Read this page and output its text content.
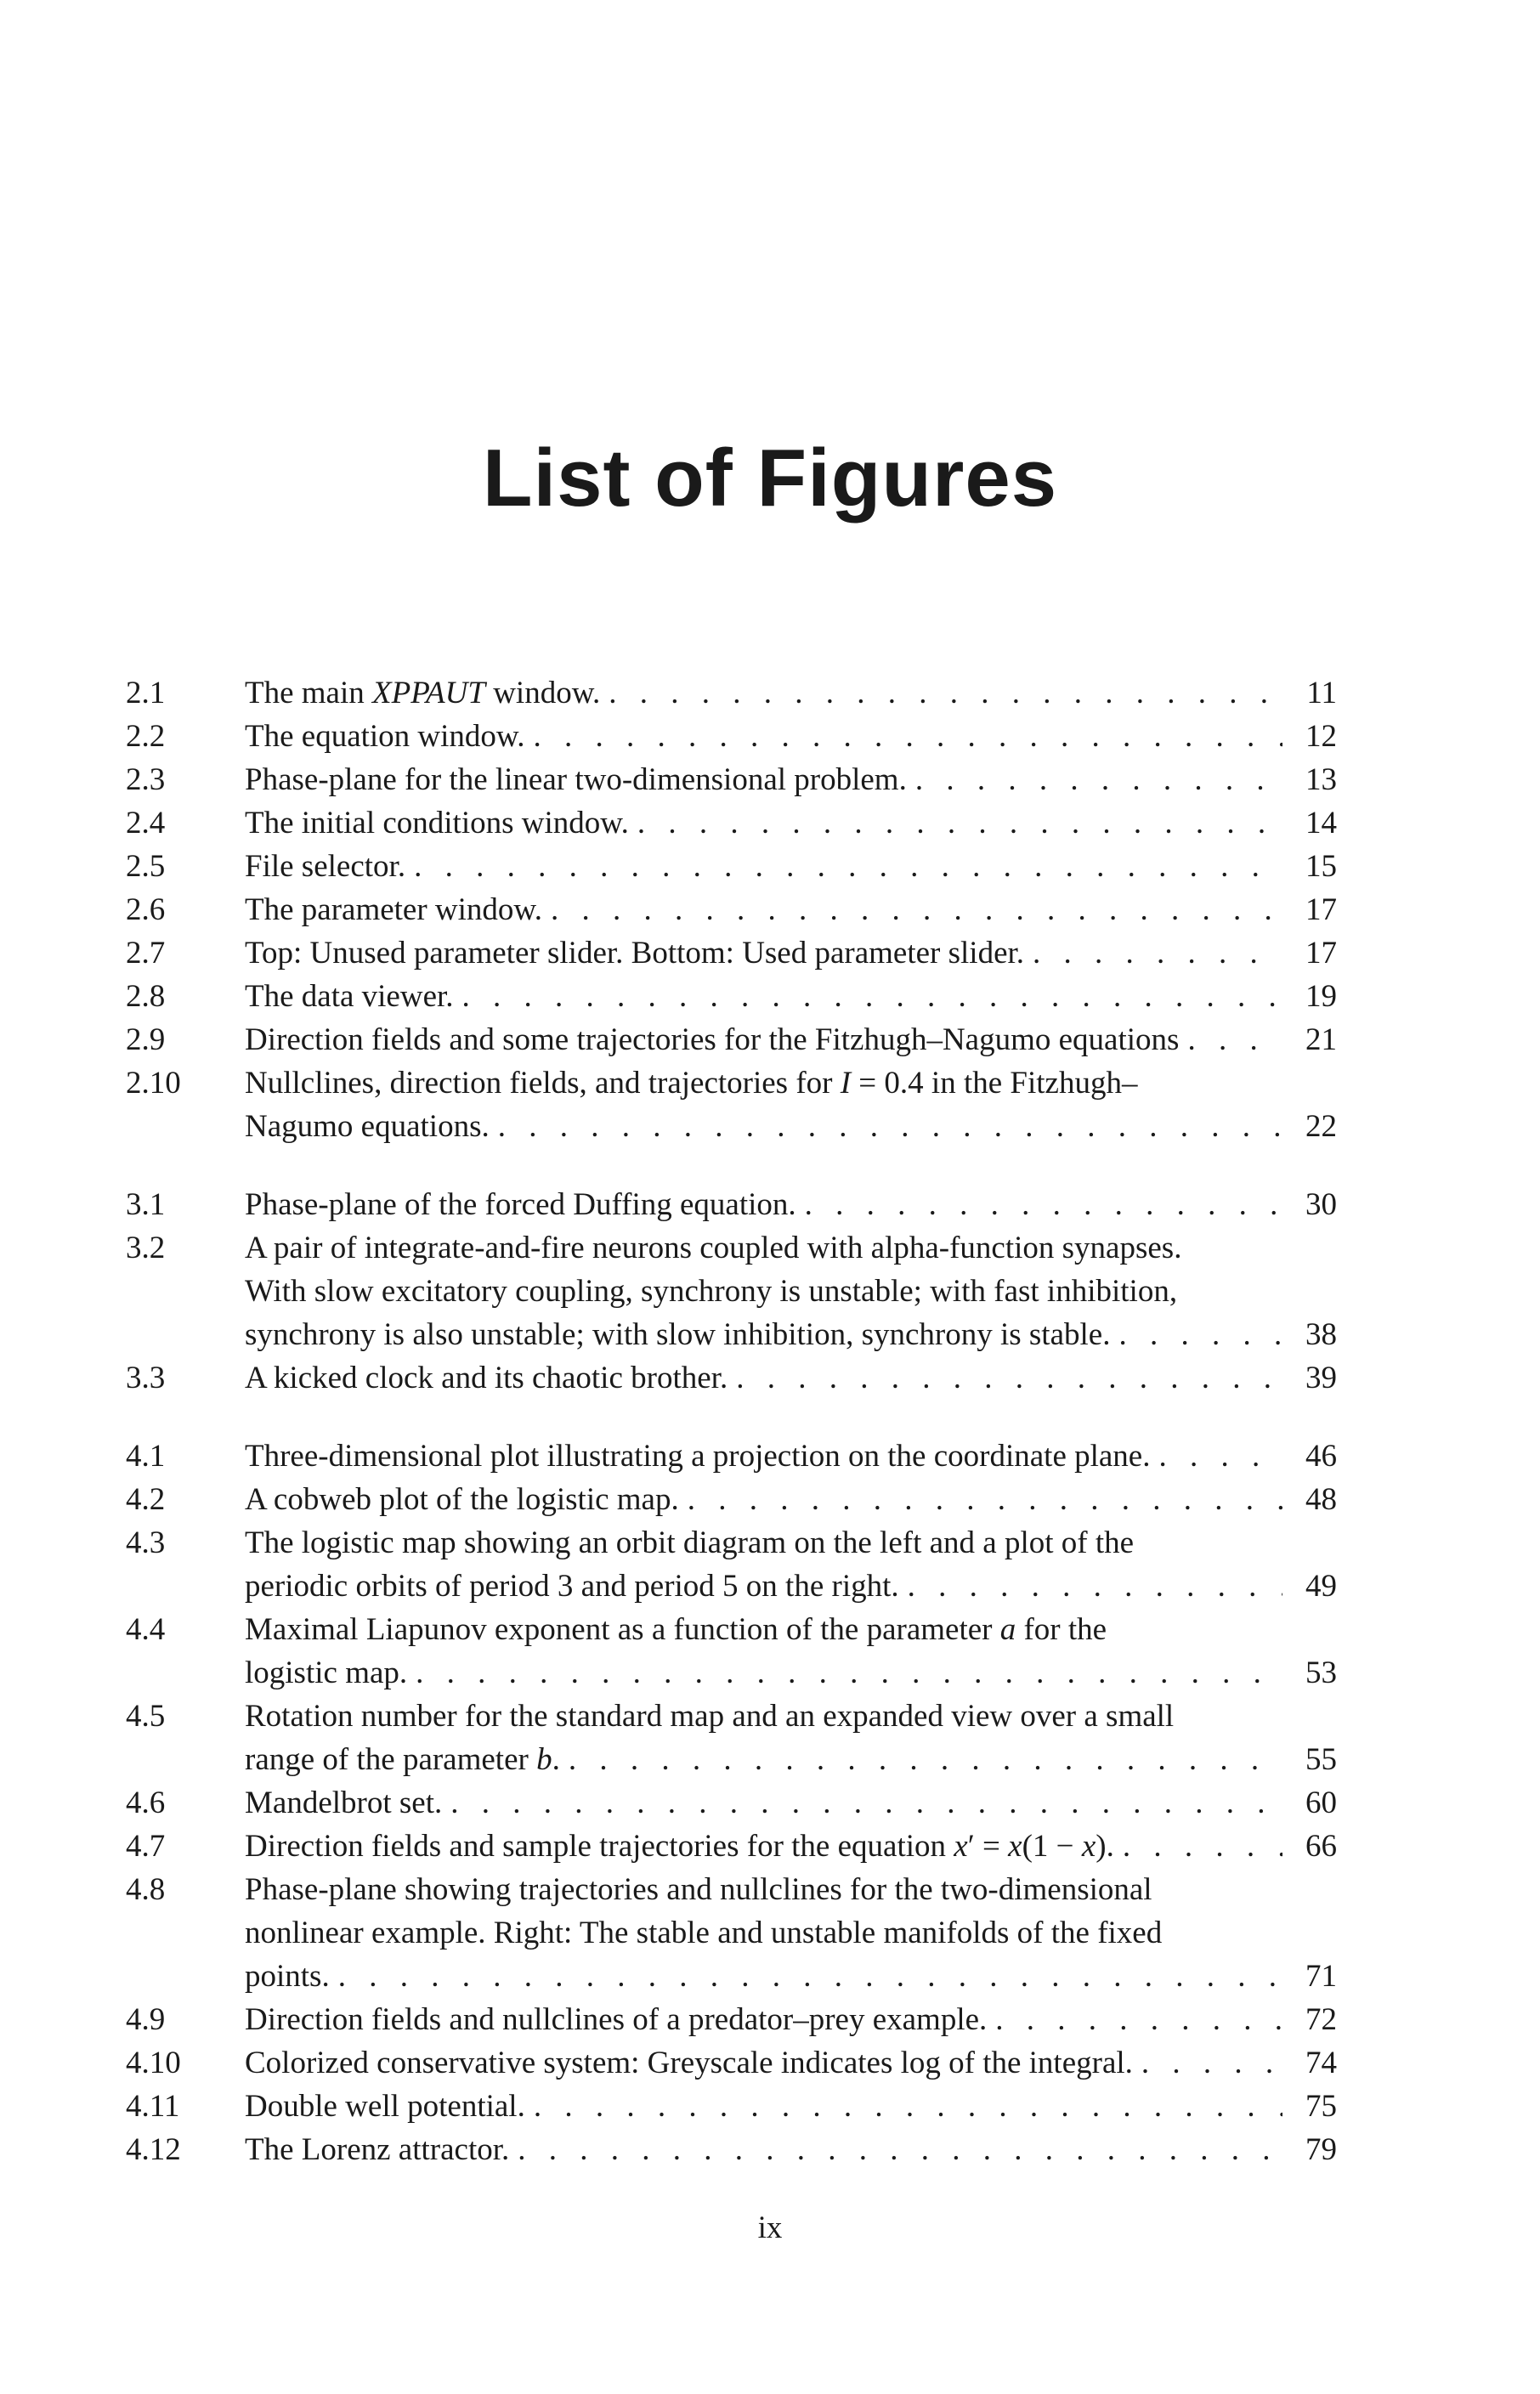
List of Figures
2.1	The main XPPAUT window. . . .	11
2.2	The equation window. . . .	12
2.3	Phase-plane for the linear two-dimensional problem. . . .	13
2.4	The initial conditions window. . . .	14
2.5	File selector. . . .	15
2.6	The parameter window. . . .	17
2.7	Top: Unused parameter slider. Bottom: Used parameter slider. . . .	17
2.8	The data viewer. . . .	19
2.9	Direction fields and some trajectories for the Fitzhugh–Nagumo equations . . .	21
2.10	Nullclines, direction fields, and trajectories for I = 0.4 in the Fitzhugh–
Nagumo equations. . . .	22
3.1	Phase-plane of the forced Duffing equation. . . .	30
3.2	A pair of integrate-and-fire neurons coupled with alpha-function synapses.
With slow excitatory coupling, synchrony is unstable; with fast inhibition,
synchrony is also unstable; with slow inhibition, synchrony is stable. . . .	38
3.3	A kicked clock and its chaotic brother. . . .	39
4.1	Three-dimensional plot illustrating a projection on the coordinate plane. . . .	46
4.2	A cobweb plot of the logistic map. . . .	48
4.3	The logistic map showing an orbit diagram on the left and a plot of the
periodic orbits of period 3 and period 5 on the right. . . .	49
4.4	Maximal Liapunov exponent as a function of the parameter a for the
logistic map. . . .	53
4.5	Rotation number for the standard map and an expanded view over a small
range of the parameter b. . . .	55
4.6	Mandelbrot set. . . .	60
4.7	Direction fields and sample trajectories for the equation x′ = x(1 − x). . . .	66
4.8	Phase-plane showing trajectories and nullclines for the two-dimensional
nonlinear example. Right: The stable and unstable manifolds of the fixed
points. . . .	71
4.9	Direction fields and nullclines of a predator–prey example. . . .	72
4.10	Colorized conservative system: Greyscale indicates log of the integral. . . .	74
4.11	Double well potential. . . .	75
4.12	The Lorenz attractor. . . .	79
ix
